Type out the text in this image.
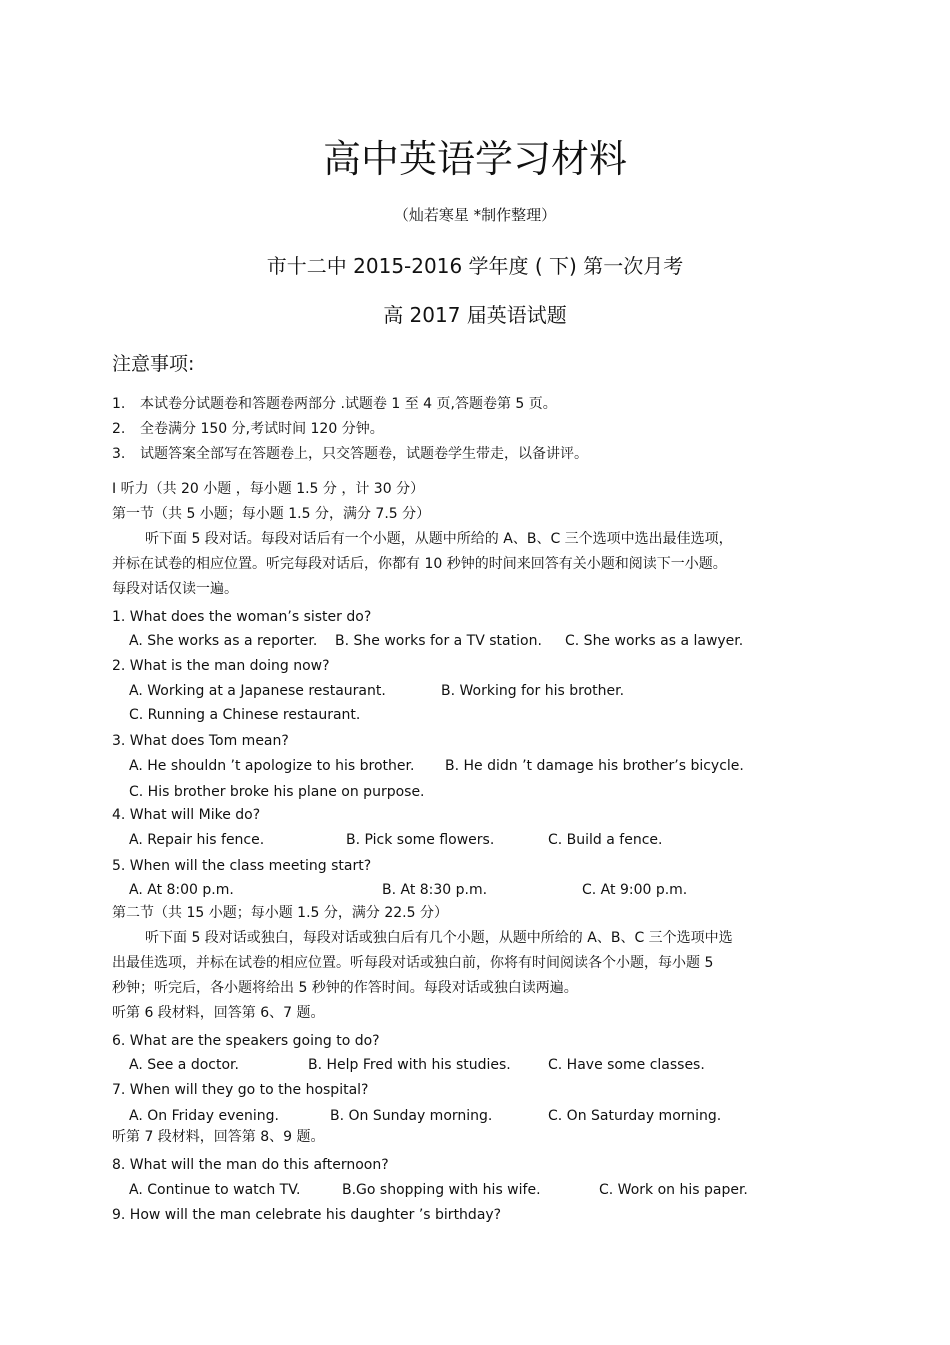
高中英语学习材料
（灿若寒星 *制作整理）
市十二中 2015-2016 学年度 ( 下) 第一次月考
高 2017 届英语试题
注意事项:
1. 本试卷分试题卷和答题卷两部分 .试题卷 1 至 4 页,答题卷第 5 页。
2. 全卷满分 150 分,考试时间 120 分钟。
3. 试题答案全部写在答题卷上，只交答题卷，试题卷学生带走，以备讲评。
Ⅰ 听力（共 20 小题 ，每小题 1.5 分 ，计 30 分）
第一节（共 5 小题；每小题 1.5 分，满分 7.5 分）
听下面 5 段对话。每段对话后有一个小题，从题中所给的 A、B、C 三个选项中选出最佳选项，
并标在试卷的相应位置。听完每段对话后，你都有 10 秒钟的时间来回答有关小题和阅读下一小题。
每段对话仅读一遍。
1. What does the woman’s sister do?
A. She works as a reporter. B. She works for a TV station. C. She works as a lawyer.
2. What is the man doing now?
A. Working at a Japanese restaurant.	B. Working for his brother.
C. Running a Chinese restaurant.
3. What does Tom mean?
A. He shouldn ’t apologize to his brother. B. He didn ’t damage his brother’s bicycle.
C. His brother broke his plane on purpose.
4. What will Mike do?
A. Repair his fence.	B. Pick some flowers.	C. Build a fence.
5. When will the class meeting start?
A. At 8:00 p.m.	B. At 8:30 p.m.	C. At 9:00 p.m.
第二节（共 15 小题；每小题 1.5 分，满分 22.5 分）
听下面 5 段对话或独白，每段对话或独白后有几个小题，从题中所给的 A、B、C 三个选项中选
出最佳选项，并标在试卷的相应位置。听每段对话或独白前，你将有时间阅读各个小题，每小题 5
秒钟；听完后，各小题将给出 5 秒钟的作答时间。每段对话或独白读两遍。
听第 6 段材料，回答第 6、7 题。
6. What are the speakers going to do?
A. See a doctor.	B. Help Fred with his studies.	C. Have some classes.
7. When will they go to the hospital?
A. On Friday evening.	B. On Sunday morning.	C. On Saturday morning.
听第 7 段材料，回答第 8、9 题。
8. What will the man do this afternoon?
A. Continue to watch TV.	B.Go shopping with his wife.	C. Work on his paper.
9. How will the man celebrate his daughter ’s birthday?
